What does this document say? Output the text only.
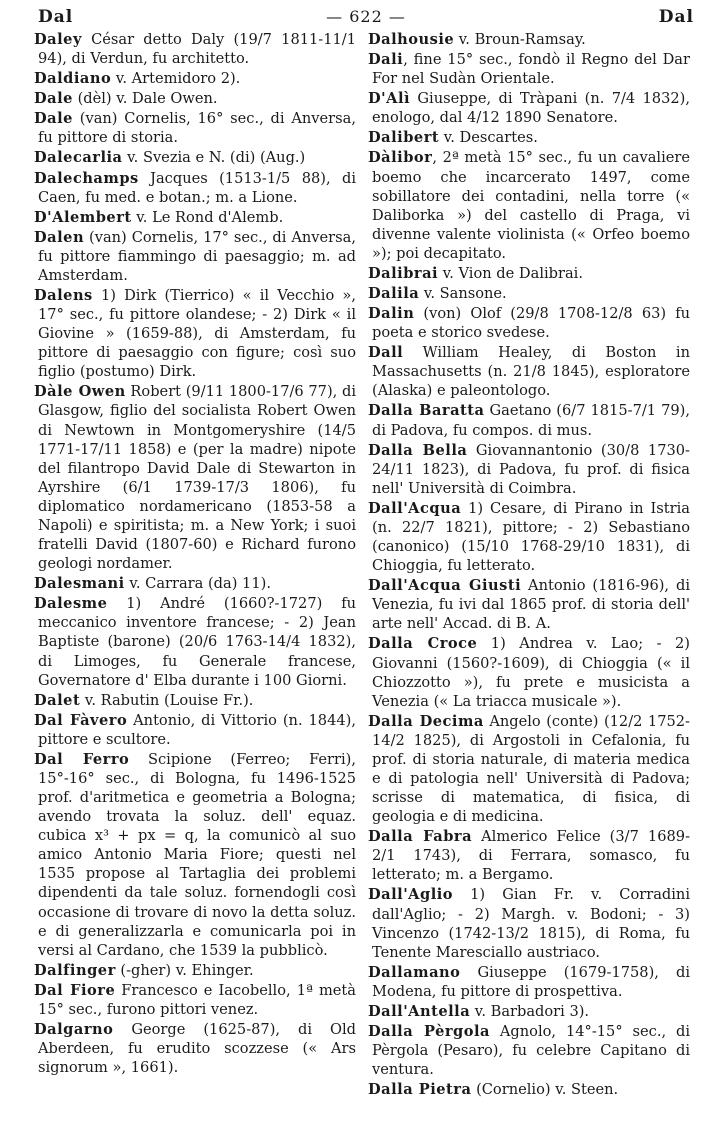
Dal	— 622 —	Dal

Daley César detto Daly (19/7 1811-11/1 94), di Verdun, fu architetto.

Daldiano v. Artemidoro 2).

Dale (dèl) v. Dale Owen.

Dale (van) Cornelis, 16° sec., di Anversa, fu pittore di storia.

Dalecarlia v. Svezia e N. (di) (Aug.)

Dalechamps Jacques (1513-1/5 88), di Caen, fu med. e botan.; m. a Lione.

D'Alembert v. Le Rond d'Alemb.

Dalen (van) Cornelis, 17° sec., di Anversa, fu pittore fiammingo di paesaggio; m. ad Amsterdam.

Dalens 1) Dirk (Tierrico) « il Vecchio », 17° sec., fu pittore olandese; - 2) Dirk « il Giovine » (1659-88), di Amsterdam, fu pittore di paesaggio con figure; così suo figlio (postumo) Dirk.

Dàle Owen Robert (9/11 1800-17/6 77), di Glasgow, figlio del socialista Robert Owen di Newtown in Montgomeryshire (14/5 1771-17/11 1858) e (per la madre) nipote del filantropo David Dale di Stewarton in Ayrshire (6/1 1739-17/3 1806), fu diplomatico nordamericano (1853-58 a Napoli) e spiritista; m. a New York; i suoi fratelli David (1807-60) e Richard furono geologi nordamer.

Dalesmani v. Carrara (da) 11).

Dalesme 1) André (1660?-1727) fu meccanico inventore francese; - 2) Jean Baptiste (barone) (20/6 1763-14/4 1832), di Limoges, fu Generale francese, Governatore d' Elba durante i 100 Giorni.

Dalet v. Rabutin (Louise Fr.).

Dal Fàvero Antonio, di Vittorio (n. 1844), pittore e scultore.

Dal Ferro Scipione (Ferreo; Ferri), 15°-16° sec., di Bologna, fu 1496-1525 prof. d'aritmetica e geometria a Bologna; avendo trovata la soluz. dell' equaz. cubica x³ + px = q, la comunicò al suo amico Antonio Maria Fiore; questi nel 1535 propose al Tartaglia dei problemi dipendenti da tale soluz. fornendogli così occasione di trovare di novo la detta soluz. e di generalizzarla e comunicarla poi in versi al Cardano, che 1539 la pubblicò.

Dalfinger (-gher) v. Ehinger.

Dal Fiore Francesco e Iacobello, 1ª metà 15° sec., furono pittori venez.

Dalgarno George (1625-87), di Old Aberdeen, fu erudito scozzese (« Ars signorum », 1661).

Dalhousie v. Broun-Ramsay.

Dali, fine 15° sec., fondò il Regno del Dar For nel Sudàn Orientale.

D'Alì Giuseppe, di Tràpani (n. 7/4 1832), enologo, dal 4/12 1890 Senatore.

Dalibert v. Descartes.

Dàlibor, 2ª metà 15° sec., fu un cavaliere boemo che incarcerato 1497, come sobillatore dei contadini, nella torre (« Daliborka ») del castello di Praga, vi divenne valente violinista (« Orfeo boemo »); poi decapitato.

Dalibrai v. Vion de Dalibrai.

Dalila v. Sansone.

Dalin (von) Olof (29/8 1708-12/8 63) fu poeta e storico svedese.

Dall William Healey, di Boston in Massachusetts (n. 21/8 1845), esploratore (Alaska) e paleontologo.

Dalla Baratta Gaetano (6/7 1815-7/1 79), di Padova, fu compos. di mus.

Dalla Bella Giovannantonio (30/8 1730-24/11 1823), di Padova, fu prof. di fisica nell' Università di Coimbra.

Dall'Acqua 1) Cesare, di Pirano in Istria (n. 22/7 1821), pittore; - 2) Sebastiano (canonico) (15/10 1768-29/10 1831), di Chioggia, fu letterato.

Dall'Acqua Giusti Antonio (1816-96), di Venezia, fu ivi dal 1865 prof. di storia dell' arte nell' Accad. di B. A.

Dalla Croce 1) Andrea v. Lao; - 2) Giovanni (1560?-1609), di Chioggia (« il Chiozzotto »), fu prete e musicista a Venezia (« La triacca musicale »).

Dalla Decima Angelo (conte) (12/2 1752-14/2 1825), di Argostoli in Cefalonia, fu prof. di storia naturale, di materia medica e di patologia nell' Università di Padova; scrisse di matematica, di fisica, di geologia e di medicina.

Dalla Fabra Almerico Felice (3/7 1689-2/1 1743), di Ferrara, somasco, fu letterato; m. a Bergamo.

Dall'Aglio 1) Gian Fr. v. Corradini dall'Aglio; - 2) Margh. v. Bodoni; - 3) Vincenzo (1742-13/2 1815), di Roma, fu Tenente Maresciallo austriaco.

Dallamano Giuseppe (1679-1758), di Modena, fu pittore di prospettiva.

Dall'Antella v. Barbadori 3).

Dalla Pèrgola Agnolo, 14°-15° sec., di Pèrgola (Pesaro), fu celebre Capitano di ventura.

Dalla Pietra (Cornelio) v. Steen.
